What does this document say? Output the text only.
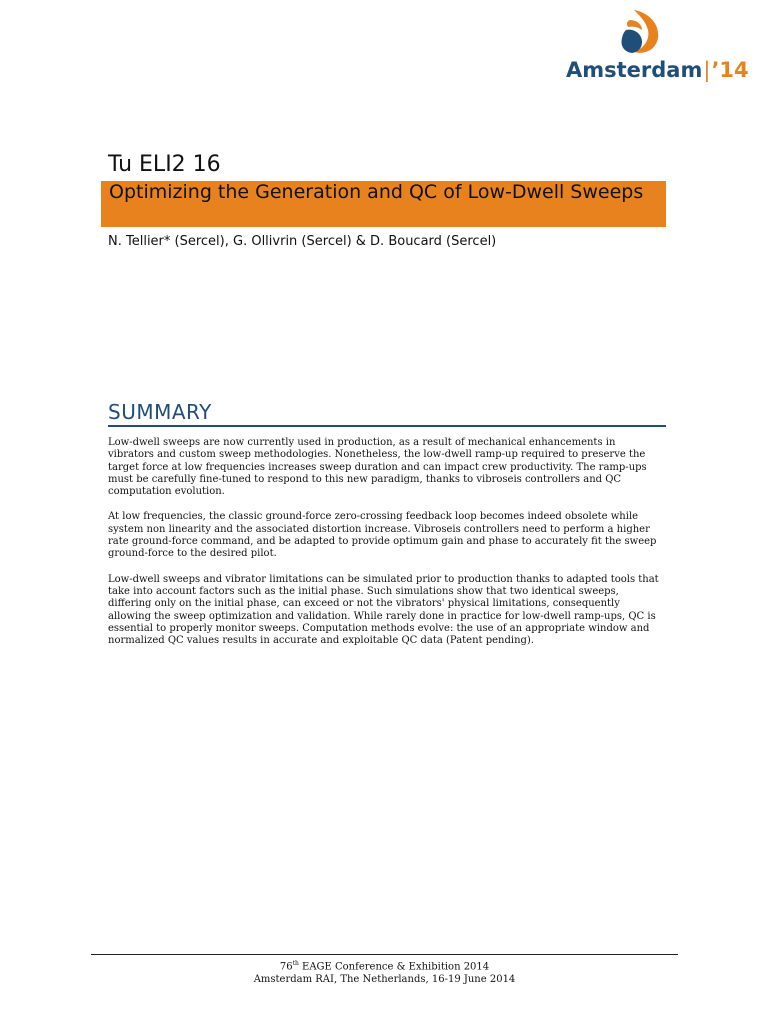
Amsterdam|’14
Tu ELI2 16
Optimizing the Generation and QC of Low-Dwell Sweeps
N. Tellier* (Sercel), G. Ollivrin (Sercel) & D. Boucard (Sercel)
SUMMARY

Low-dwell sweeps are now currently used in production, as a result of mechanical enhancements in vibrators and custom sweep methodologies. Nonetheless, the low-dwell ramp-up required to preserve the target force at low frequencies increases sweep duration and can impact crew productivity. The ramp-ups must be carefully fine-tuned to respond to this new paradigm, thanks to vibroseis controllers and QC computation evolution.

At low frequencies, the classic ground-force zero-crossing feedback loop becomes indeed obsolete while system non linearity and the associated distortion increase. Vibroseis controllers need to perform a higher rate ground-force command, and be adapted to provide optimum gain and phase to accurately fit the sweep ground-force to the desired pilot.

Low-dwell sweeps and vibrator limitations can be simulated prior to production thanks to adapted tools that take into account factors such as the initial phase. Such simulations show that two identical sweeps, differing only on the initial phase, can exceed or not the vibrators' physical limitations, consequently allowing the sweep optimization and validation. While rarely done in practice for low-dwell ramp-ups, QC is essential to properly monitor sweeps. Computation methods evolve: the use of an appropriate window and normalized QC values results in accurate and exploitable QC data (Patent pending).

76th EAGE Conference & Exhibition 2014
Amsterdam RAI, The Netherlands, 16-19 June 2014
